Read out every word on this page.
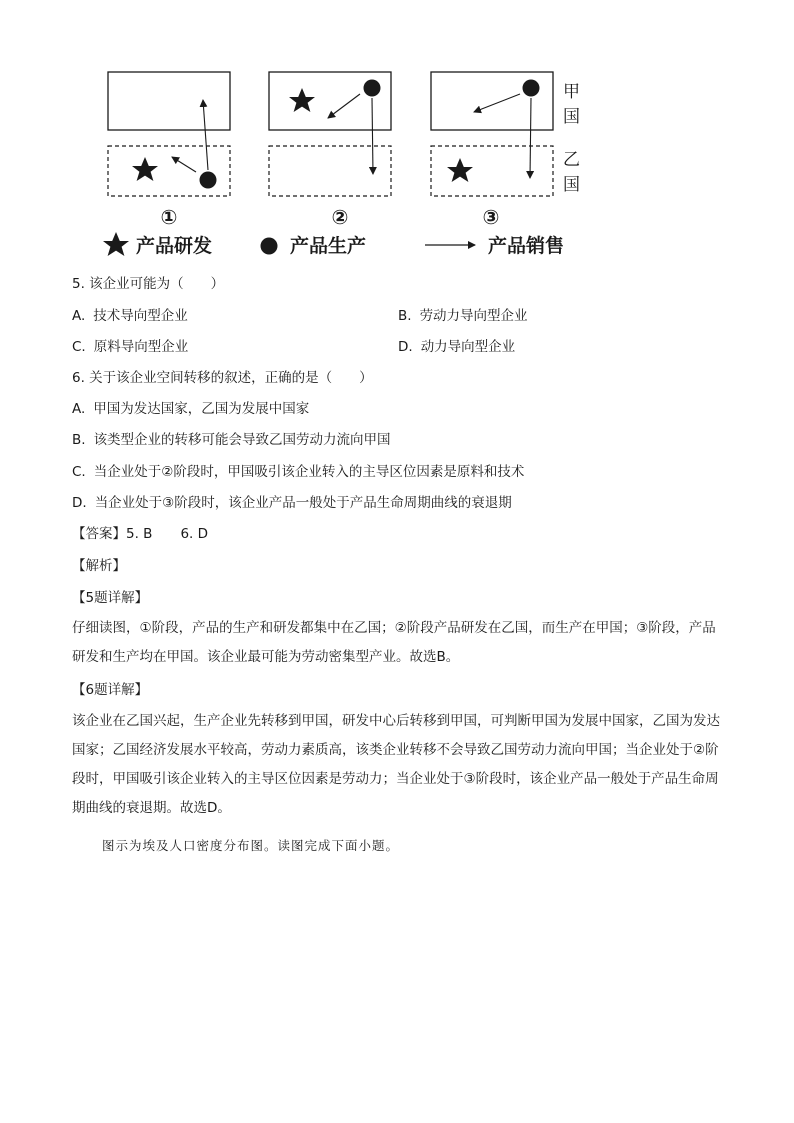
甲
国
乙
国
①	②	③
产品研发	产品生产	产品销售
5. 该企业可能为（　　）
A. 技术导向型企业	B. 劳动力导向型企业
C. 原料导向型企业	D. 动力导向型企业
6. 关于该企业空间转移的叙述，正确的是（　　）
A. 甲国为发达国家，乙国为发展中国家
B. 该类型企业的转移可能会导致乙国劳动力流向甲国
C. 当企业处于②阶段时，甲国吸引该企业转入的主导区位因素是原料和技术
D. 当企业处于③阶段时，该企业产品一般处于产品生命周期曲线的衰退期
【答案】5. B 6. D
【解析】
【5题详解】
仔细读图，①阶段，产品的生产和研发都集中在乙国；②阶段产品研发在乙国，而生产在甲国；③阶段，产品研发和生产均在甲国。该企业最可能为劳动密集型产业。故选B。
【6题详解】
该企业在乙国兴起，生产企业先转移到甲国，研发中心后转移到甲国，可判断甲国为发展中国家，乙国为发达国家；乙国经济发展水平较高，劳动力素质高，该类企业转移不会导致乙国劳动力流向甲国；当企业处于②阶段时，甲国吸引该企业转入的主导区位因素是劳动力；当企业处于③阶段时，该企业产品一般处于产品生命周期曲线的衰退期。故选D。
图示为埃及人口密度分布图。读图完成下面小题。
